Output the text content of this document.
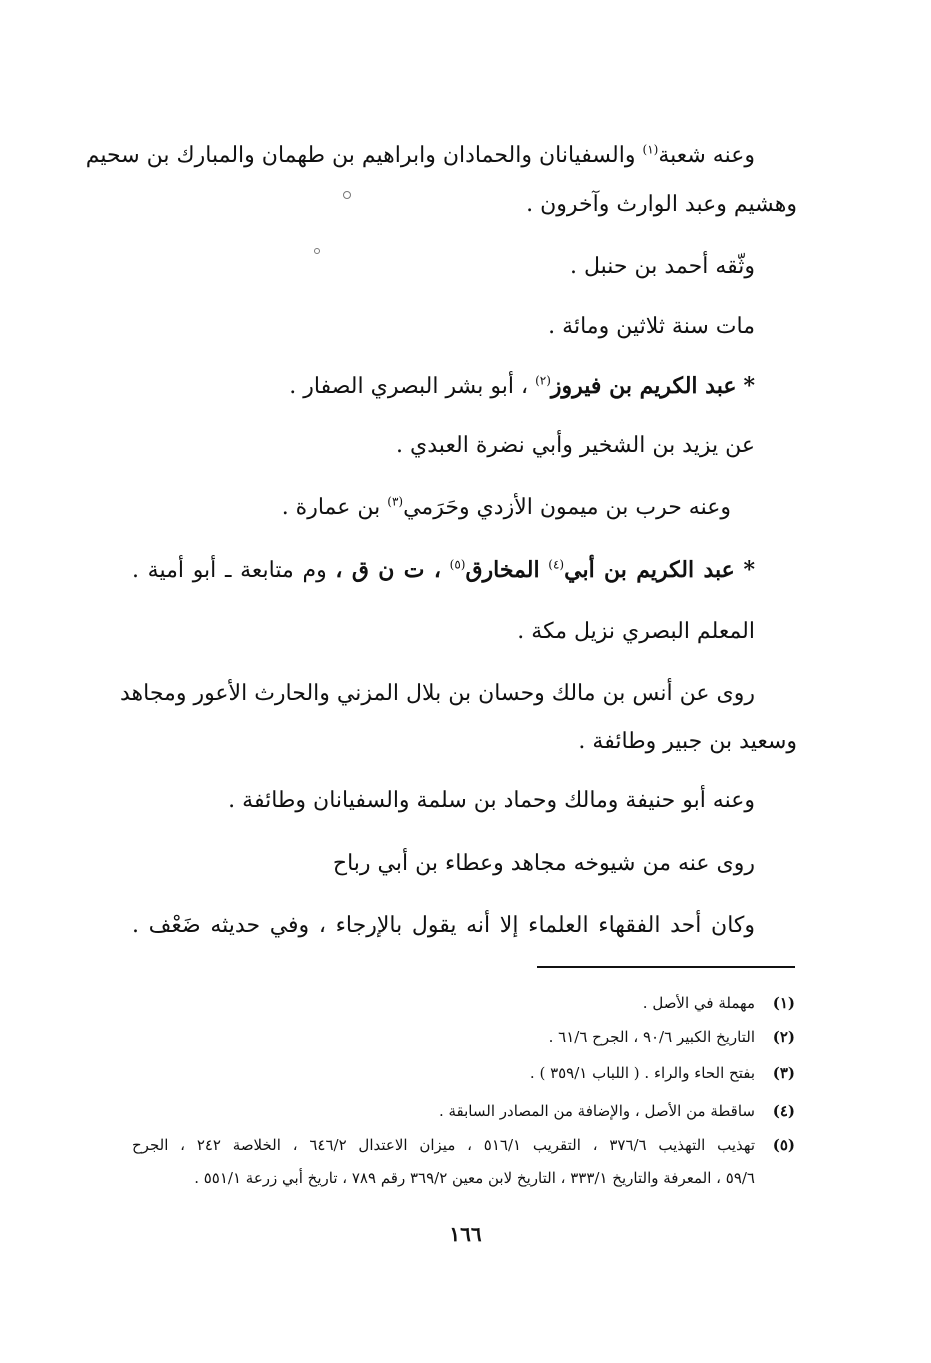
وعنه شعبة$^{(١)}$ والسفيانان والحمادان وابراهيم بن طهمان والمبارك بن سحيم
وهشيم وعبد الوارث وآخرون .
وثّقه أحمد بن حنبل .
مات سنة ثلاثين ومائة .
* عبد الكريم بن فيروز$^{(٢)}$ ، أبو بشر البصري الصفار .
عن يزيد بن الشخير وأبي نضرة العبدي .
وعنه حرب بن ميمون الأزدي وحَرَمي$^{(٣)}$ بن عمارة .
* عبد الكريم بن أبي$^{(٤)}$ المخارق$^{(٥)}$ ، ت ن ق ، وم متابعة ـ أبو أمية .
المعلم البصري نزيل مكة .
روى عن أنس بن مالك وحسان بن بلال المزني والحارث الأعور ومجاهد
وسعيد بن جبير وطائفة .
وعنه أبو حنيفة ومالك وحماد بن سلمة والسفيانان وطائفة .
روى عنه من شيوخه مجاهد وعطاء بن أبي رباح
وكان أحد الفقهاء العلماء إلا أنه يقول بالإرجاء ، وفي حديثه ضَعْف .
(١)مهملة في الأصل .
(٢)التاريخ الكبير ٩٠/٦ ، الجرح ٦١/٦ .
(٣)بفتح الحاء والراء . ( اللباب ٣٥٩/١ ) .
(٤)ساقطة من الأصل ، والإضافة من المصادر السابقة .
(٥)تهذيب التهذيب ٣٧٦/٦ ، التقريب ٥١٦/١ ، ميزان الاعتدال ٦٤٦/٢ ، الخلاصة ٢٤٢ ، الجرح
٥٩/٦ ، المعرفة والتاريخ ٣٣٣/١ ، التاريخ لابن معين ٣٦٩/٢ رقم ٧٨٩ ، تاريخ أبي زرعة ٥٥١/١ .
١٦٦
